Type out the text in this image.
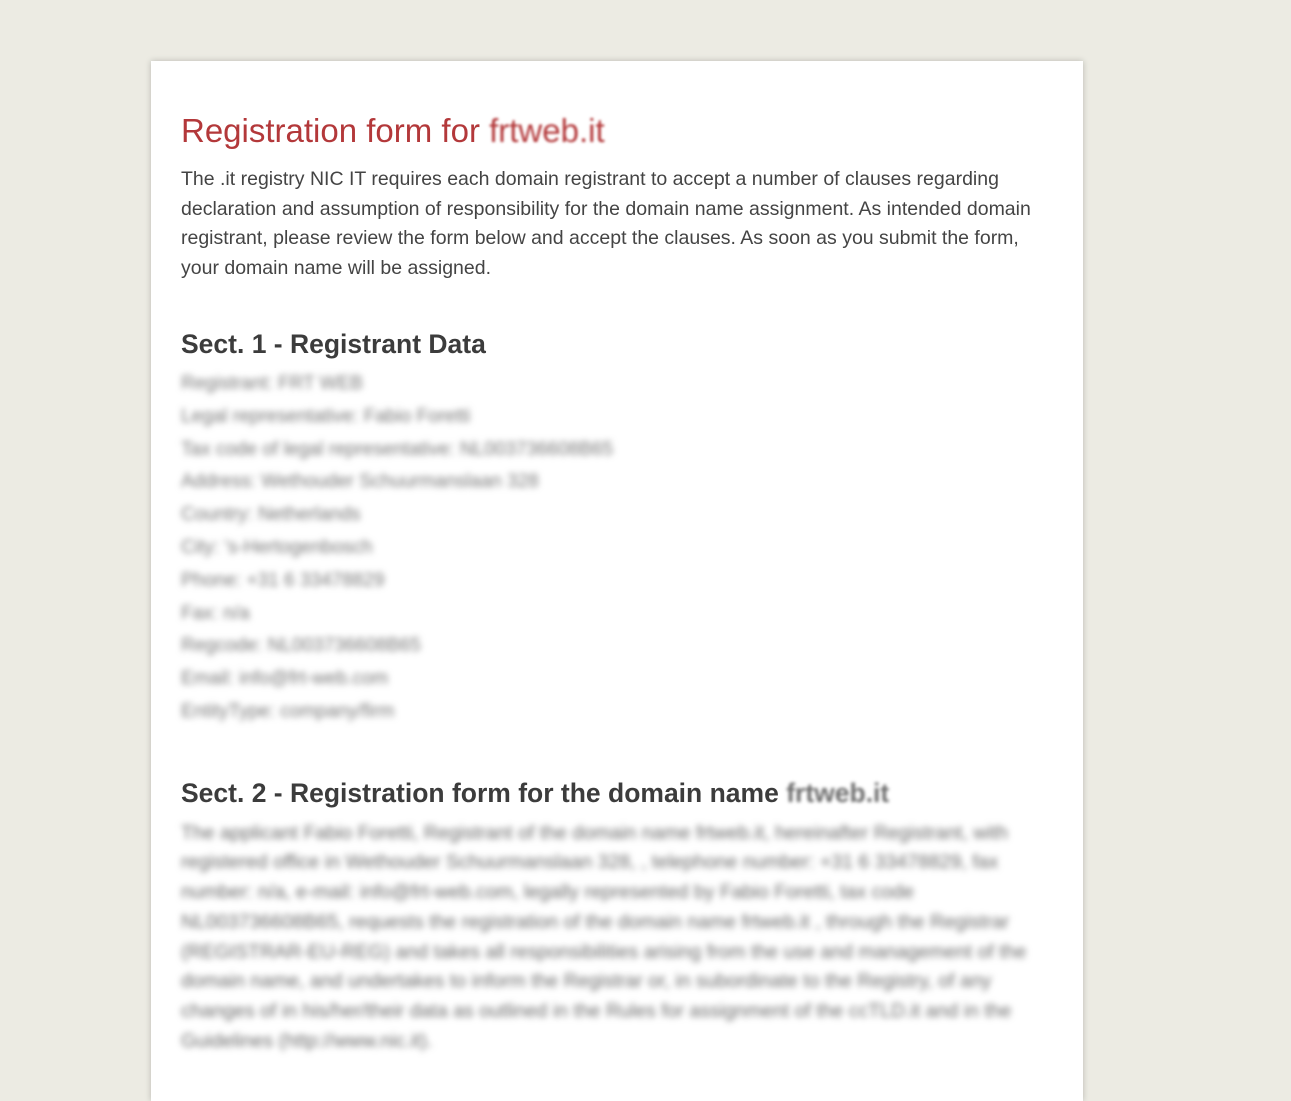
Registration form for frtweb.it

The .it registry NIC IT requires each domain registrant to accept a number of clauses regarding declaration and assumption of responsibility for the domain name assignment. As intended domain registrant, please review the form below and accept the clauses. As soon as you submit the form, your domain name will be assigned.

Sect. 1 - Registrant Data
Registrant: FRT WEB
Legal representative: Fabio Foretti
Tax code of legal representative: NL003736608B65
Address: Wethouder Schuurmanslaan 328
Country: Netherlands
City: 's-Hertogenbosch
Phone: +31 6 33478829
Fax: n/a
Regcode: NL003736608B65
Email: info@frt-web.com
EntityType: company/firm
Sect. 2 - Registration form for the domain name frtweb.it

The applicant Fabio Foretti, Registrant of the domain name frtweb.it, hereinafter Registrant, with registered office in Wethouder Schuurmanslaan 328, , telephone number: +31 6 33478829, fax number: n/a, e-mail: info@frt-web.com, legally represented by Fabio Foretti, tax code NL003736608B65, requests the registration of the domain name frtweb.it , through the Registrar (REGISTRAR-EU-REG) and takes all responsibilities arising from the use and management of the domain name, and undertakes to inform the Registrar or, in subordinate to the Registry, of any changes of in his/her/their data as outlined in the Rules for assignment of the ccTLD.it and in the Guidelines (http://www.nic.it).
